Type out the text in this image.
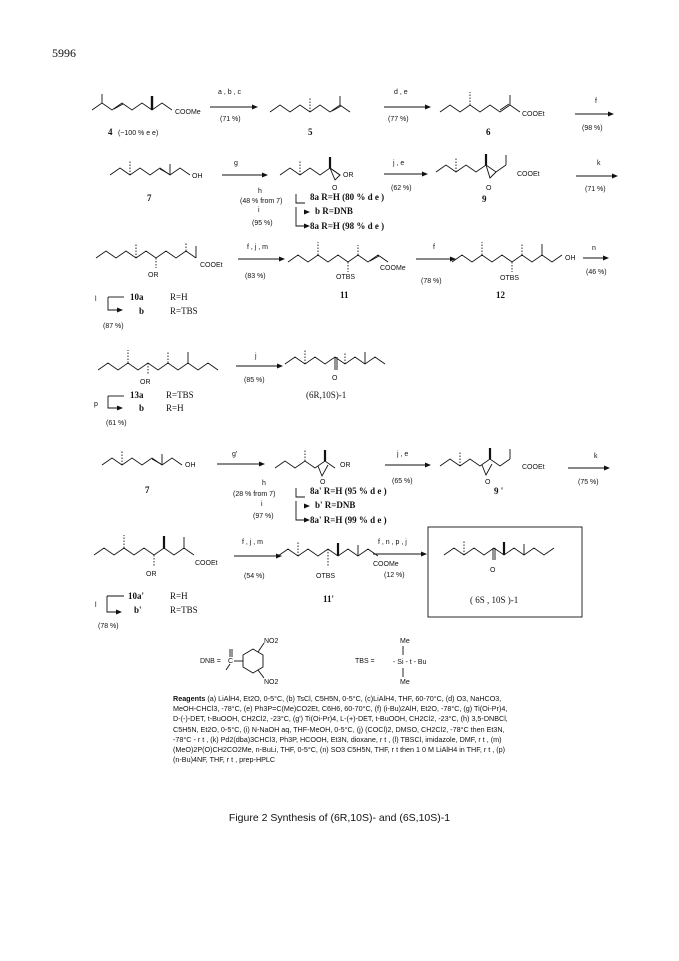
5996
COOMe
4 (~100 % e e)
a , b , c
(71 %)
5
d , e
(77 %)
COOEt
6
f
(98 %)
OH
7
g
h
(48 % from 7)
i
(95 %)
OR
O
8a R=H (80 % d e )
b R=DNB
8a R=H (98 % d e )
j , e
(62 %)
COOEt
O
9
k
(71 %)
OR
COOEt
f , j , m
(83 %)	OTBS
COOMe
11
f
(78 %)	OTBS
OH
12
n
(46 %)
l	10a	R=H
b	R=TBS
(87 %)
OR
j
(85 %)	O
(6R,10S)-1
p
13a	R=TBS
b R=H
(61 %)
OH
7
g'
h
(28 % from 7)
i
(97 %)
OR
O
8a' R=H (95 % d e )
b' R=DNB
8a' R=H (99 % d e )
j , e
(65 %)
COOEt
O
9 '
k
(75 %)
OR
COOEt
f , j , m
(54 %)	OTBS
COOMe
11'
f , n , p , j
(12 %)
O
( 6S , 10S )-1
l
10a'	R=H
b'	R=TBS
(78 %)
DNB = C
NO2
NO2
TBS =
Me
- Si - t - Bu
Me
Reagents (a) LiAlH4, Et2O, 0-5°C, (b) TsCl, C5H5N, 0-5°C, (c)LiAlH4, THF, 60-70°C, (d) O3, NaHCO3, MeOH-CHCl3, -78°C, (e) Ph3P=C(Me)CO2Et, C6H6, 60-70°C, (f) (i-Bu)2AlH, Et2O, -78°C, (g) Ti(Oi-Pr)4, D-(-)-DET, t-BuOOH, CH2Cl2, -23°C, (g') Ti(Oi-Pr)4, L-(+)-DET, t-BuOOH, CH2Cl2, -23°C, (h) 3,5-DNBCl, C5H5N, Et2O, 0-5°C, (i) N-NaOH aq, THF-MeOH, 0-5°C, (j) (COCl)2, DMSO, CH2Cl2, -78°C then Et3N, -78°C - r t , (k) Pd2(dba)3CHCl3, Ph3P, HCOOH, Et3N, dioxane, r t , (l) TBSCl, imidazole, DMF, r t , (m) (MeO)2P(O)CH2CO2Me, n-BuLi, THF, 0-5°C, (n) SO3 C5H5N, THF, r t then 1 0 M LiAlH4 in THF, r t , (p) (n-Bu)4NF, THF, r t , prep-HPLC
Figure 2 Synthesis of (6R,10S)- and (6S,10S)-1
